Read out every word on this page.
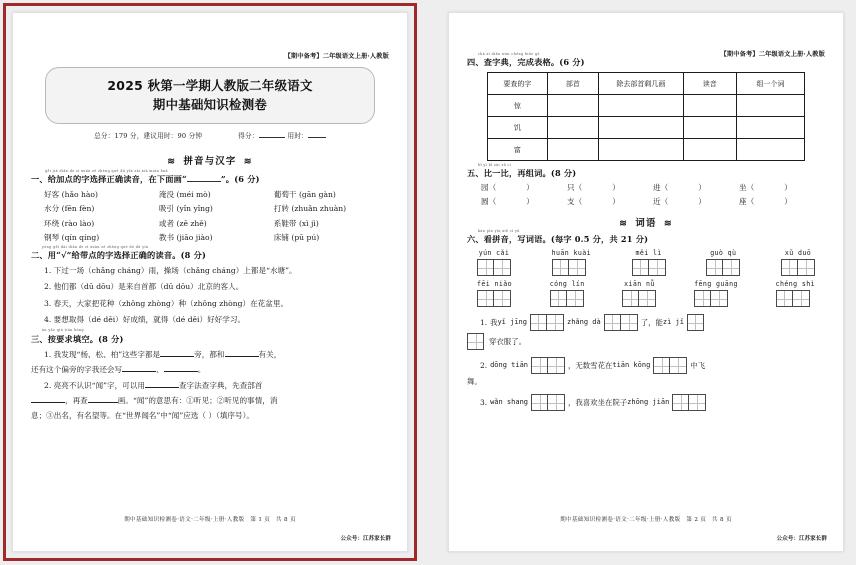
【期中备考】二年级语文上册·人教版
2025 秋第一学期人教版二年级语文
期中基础知识检测卷
总分：179 分，建议用时：90 分钟	得分：	用时：
≋ 拼音与汉字 ≋
gěi jiā diǎn de zì xuǎn zé zhèng què dú yīn zài xià miàn huà
一、给加点的字选择正确读音，在下面画“	”。(6 分)
好客 (hǎo hào)	淹没 (méi mò)	葡萄干 (gān gàn)
水分 (fēn fèn)	吸引 (yǐn yǐng)	打转 (zhuǎn zhuàn)
环绕 (rào lào)	或者 (zě zhě)	系鞋带 (xì jì)
钢琴 (qín qíng)	教书 (jiāo jiào)	床铺 (pū pú)
yòng gěi dài diǎn de zì xuǎn zé zhèng què de dú yīn
二、用“√”给带点的字选择正确的读音。(8 分)
1. 下过一场（chǎng cháng）雨，操场（chǎng cháng）上都是“水塘”。
2. 他们都（dū dōu）是来自首都（dū dōu）北京的客人。
3. 春天，大家把花种（zhǒng zhòng）种（zhǒng zhòng）在花盆里。
4. 要想取得（dé děi）好成绩，就得（dé děi）好好学习。
àn yāo qiú tián kòng
三、按要求填空。(8 分)
1. 我发现“杨、松、柏”这些字都是	旁，都和	有关，
还有这个偏旁的字我还会写	、	。
2. 亮亮不认识“闻”字，可以用	查字法查字典，先查部首
，再查	画。“闻”的意思有：①听见；②听见的事情，消
息；③出名，有名望等。在“世界闻名”中“闻”应选（ ）（填序号）。
期中基础知识检测卷·语文·二年级·上册·人教版　第 1 页　共 8 页
公众号：江苏家长群
【期中备考】二年级语文上册·人教版
chá zì diǎn wán chéng biǎo gé
四、查字典，完成表格。(6 分)
要查的字	部首	除去部首剩几画	读音	组一个词
惊				
饥				
富				
bǐ yī bǐ zài zǔ cí
五、比一比，再组词。(8 分)
园（	）	只（	）	进（	）	坐（	）
圆（	）	支（	）	近（	）	座（	）
≋ 词语 ≋
kàn pīn yīn xiě cí yǔ
六、看拼音，写词语。(每字 0.5 分，共 21 分)
yún cǎi	huān kuài	měi lì	guò qù	xǔ duō
fēi niǎo	cóng lín	xiān nǚ	fēng guāng	chéng shì
1. 我 yǐ jīng	zhǎng dà	了，能 zì jǐ
穿衣服了。
2. dōng tiān	，无数雪花在 tiān kōng	中飞
舞。
3. wǎn shang	，我喜欢坐在院子 zhōng jiān
期中基础知识检测卷·语文·二年级·上册·人教版　第 2 页　共 8 页
公众号：江苏家长群
